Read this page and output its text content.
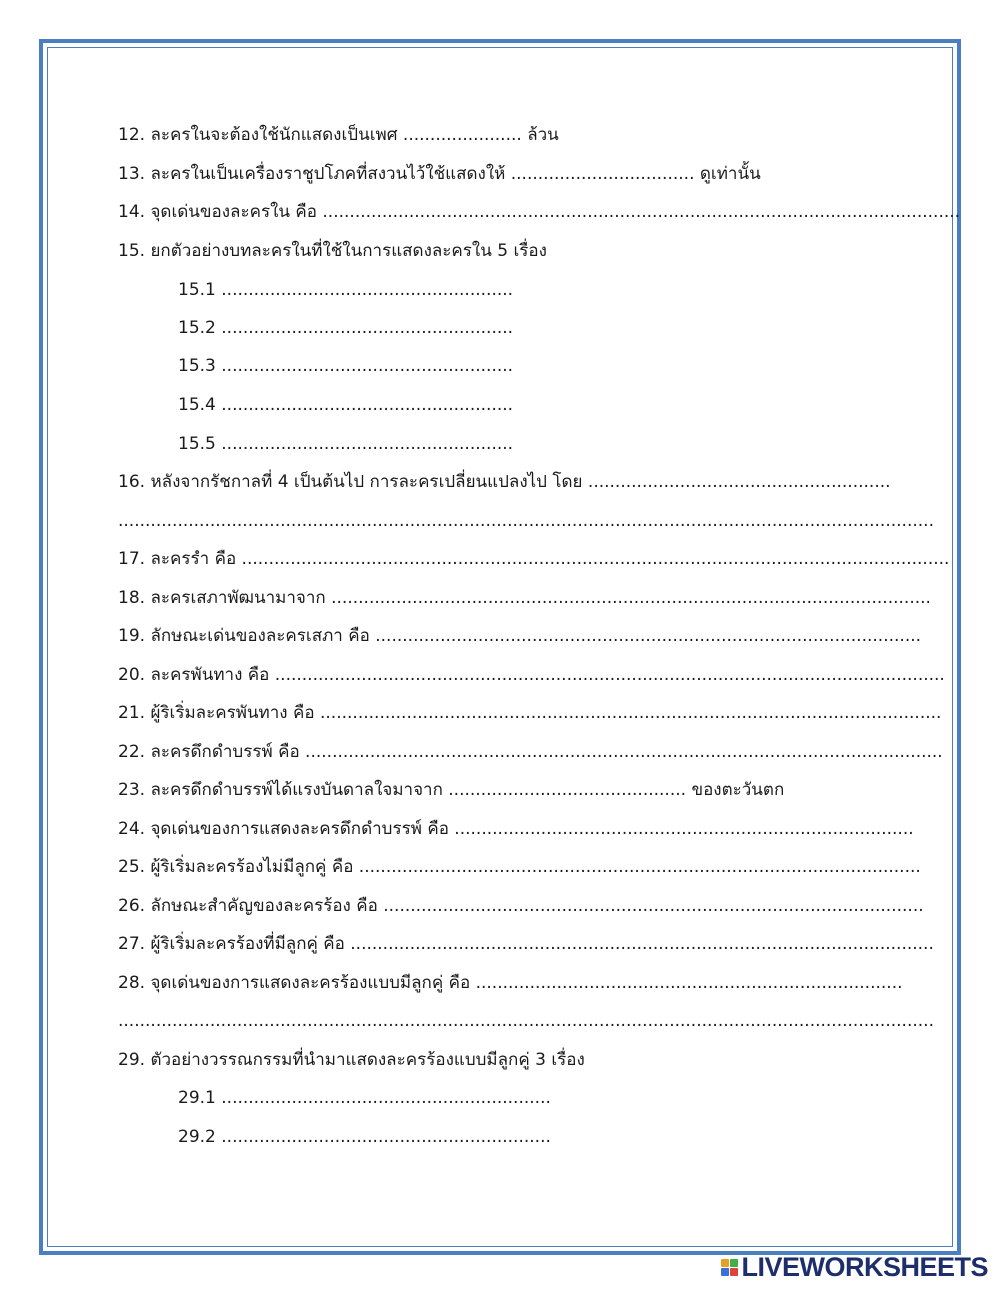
12. ละครในจะต้องใช้นักแสดงเป็นเพศ ...................... ล้วน
13. ละครในเป็นเครื่องราชูปโภคที่สงวนไว้ใช้แสดงให้ .................................. ดูเท่านั้น
14. จุดเด่นของละครใน คือ ......................................................................................................................
15. ยกตัวอย่างบทละครในที่ใช้ในการแสดงละครใน 5 เรื่อง
15.1 ......................................................
15.2 ......................................................
15.3 ......................................................
15.4 ......................................................
15.5 ......................................................
16. หลังจากรัชกาลที่ 4 เป็นต้นไป การละครเปลี่ยนแปลงไป โดย ........................................................
.......................................................................................................................................................
17. ละครรำ คือ ...................................................................................................................................
18. ละครเสภาพัฒนามาจาก ...............................................................................................................
19. ลักษณะเด่นของละครเสภา คือ .....................................................................................................
20. ละครพันทาง คือ ............................................................................................................................
21. ผู้ริเริ่มละครพันทาง คือ ...................................................................................................................
22. ละครดึกดำบรรพ์ คือ ......................................................................................................................
23. ละครดึกดำบรรพ์ได้แรงบันดาลใจมาจาก ............................................ ของตะวันตก
24. จุดเด่นของการแสดงละครดึกดำบรรพ์ คือ .....................................................................................
25. ผู้ริเริ่มละครร้องไม่มีลูกคู่ คือ ........................................................................................................
26. ลักษณะสำคัญของละครร้อง คือ ....................................................................................................
27. ผู้ริเริ่มละครร้องที่มีลูกคู่ คือ ............................................................................................................
28. จุดเด่นของการแสดงละครร้องแบบมีลูกคู่ คือ ...............................................................................
.......................................................................................................................................................
29. ตัวอย่างวรรณกรรมที่นำมาแสดงละครร้องแบบมีลูกคู่ 3 เรื่อง
29.1 .............................................................
29.2 .............................................................
LIVEWORKSHEETS
